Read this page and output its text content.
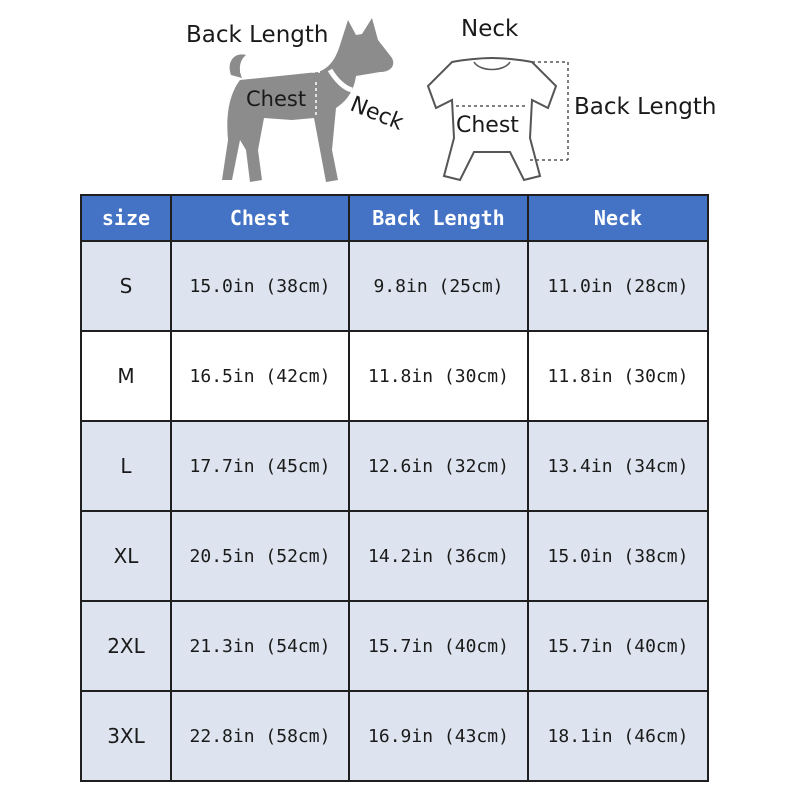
Back Length
Chest Neck
Neck
Chest
Back Length
size	Chest	Back Length	Neck
S	15.0in (38cm)	9.8in (25cm)	11.0in (28cm)
M	16.5in (42cm)	11.8in (30cm)	11.8in (30cm)
L	17.7in (45cm)	12.6in (32cm)	13.4in (34cm)
XL	20.5in (52cm)	14.2in (36cm)	15.0in (38cm)
2XL	21.3in (54cm)	15.7in (40cm)	15.7in (40cm)
3XL	22.8in (58cm)	16.9in (43cm)	18.1in (46cm)
